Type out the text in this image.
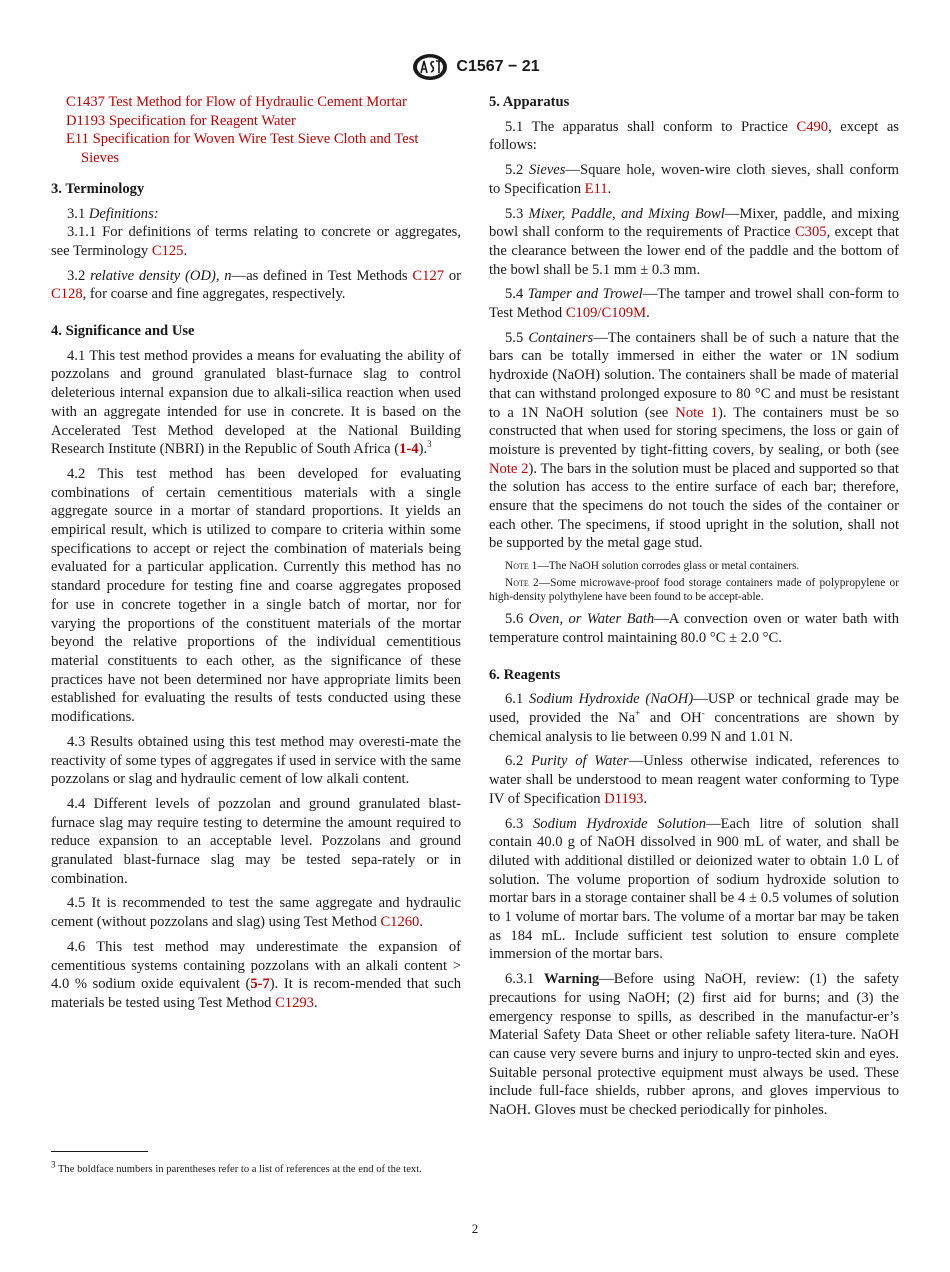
C1567 − 21
C1437 Test Method for Flow of Hydraulic Cement Mortar
D1193 Specification for Reagent Water
E11 Specification for Woven Wire Test Sieve Cloth and Test
Sieves
3. Terminology

3.1 Definitions:

3.1.1 For definitions of terms relating to concrete or aggregates, see Terminology C125.

3.2 relative density (OD), n—as defined in Test Methods C127 or C128, for coarse and fine aggregates, respectively.

4. Significance and Use

4.1 This test method provides a means for evaluating the ability of pozzolans and ground granulated blast-furnace slag to control deleterious internal expansion due to alkali-silica reaction when used with an aggregate intended for use in concrete. It is based on the Accelerated Test Method developed at the National Building Research Institute (NBRI) in the Republic of South Africa (1-4).$^3$

4.2 This test method has been developed for evaluating combinations of certain cementitious materials with a single aggregate source in a mortar of standard proportions. It yields an empirical result, which is utilized to compare to criteria within some specifications to accept or reject the combination of materials being evaluated for a particular application. Currently this method has no standard procedure for testing fine and coarse aggregates proposed for use in concrete together in a single batch of mortar, nor for varying the proportions of the constituent materials of the mortar beyond the relative proportions of the individual cementitious material constituents to each other, as the significance of these practices have not been determined nor have appropriate limits been established for evaluating the results of tests conducted using these modifications.

4.3 Results obtained using this test method may overesti-mate the reactivity of some types of aggregates if used in service with the same pozzolans or slag and hydraulic cement of low alkali content.

4.4 Different levels of pozzolan and ground granulated blast-furnace slag may require testing to determine the amount required to reduce expansion to an acceptable level. Pozzolans and ground granulated blast-furnace slag may be tested sepa-rately or in combination.

4.5 It is recommended to test the same aggregate and hydraulic cement (without pozzolans and slag) using Test Method C1260.

4.6 This test method may underestimate the expansion of cementitious systems containing pozzolans with an alkali content > 4.0 % sodium oxide equivalent (5-7). It is recom-mended that such materials be tested using Test Method C1293.

$^3$ The boldface numbers in parentheses refer to a list of references at the end of the text.
5. Apparatus

5.1 The apparatus shall conform to Practice C490, except as follows:

5.2 Sieves—Square hole, woven-wire cloth sieves, shall conform to Specification E11.

5.3 Mixer, Paddle, and Mixing Bowl—Mixer, paddle, and mixing bowl shall conform to the requirements of Practice C305, except that the clearance between the lower end of the paddle and the bottom of the bowl shall be 5.1 mm ± 0.3 mm.

5.4 Tamper and Trowel—The tamper and trowel shall con-form to Test Method C109/C109M.

5.5 Containers—The containers shall be of such a nature that the bars can be totally immersed in either the water or 1N sodium hydroxide (NaOH) solution. The containers shall be made of material that can withstand prolonged exposure to 80 °C and must be resistant to a 1N NaOH solution (see Note 1). The containers must be so constructed that when used for storing specimens, the loss or gain of moisture is prevented by tight-fitting covers, by sealing, or both (see Note 2). The bars in the solution must be placed and supported so that the solution has access to the entire surface of each bar; therefore, ensure that the specimens do not touch the sides of the container or each other. The specimens, if stood upright in the solution, shall not be supported by the metal gage stud.

Note 1—The NaOH solution corrodes glass or metal containers.
Note 2—Some microwave-proof food storage containers made of polypropylene or high-density polythylene have been found to be accept-able.

5.6 Oven, or Water Bath—A convection oven or water bath with temperature control maintaining 80.0 °C ± 2.0 °C.

6. Reagents

6.1 Sodium Hydroxide (NaOH)—USP or technical grade may be used, provided the Na+ and OH- concentrations are shown by chemical analysis to lie between 0.99 N and 1.01 N.

6.2 Purity of Water—Unless otherwise indicated, references to water shall be understood to mean reagent water conforming to Type IV of Specification D1193.

6.3 Sodium Hydroxide Solution—Each litre of solution shall contain 40.0 g of NaOH dissolved in 900 mL of water, and shall be diluted with additional distilled or deionized water to obtain 1.0 L of solution. The volume proportion of sodium hydroxide solution to mortar bars in a storage container shall be 4 ± 0.5 volumes of solution to 1 volume of mortar bars. The volume of a mortar bar may be taken as 184 mL. Include sufficient test solution to ensure complete immersion of the mortar bars.

6.3.1 Warning—Before using NaOH, review: (1) the safety precautions for using NaOH; (2) first aid for burns; and (3) the emergency response to spills, as described in the manufactur-er’s Material Safety Data Sheet or other reliable safety litera-ture. NaOH can cause very severe burns and injury to unpro-tected skin and eyes. Suitable personal protective equipment must always be used. These include full-face shields, rubber aprons, and gloves impervious to NaOH. Gloves must be checked periodically for pinholes.

2
